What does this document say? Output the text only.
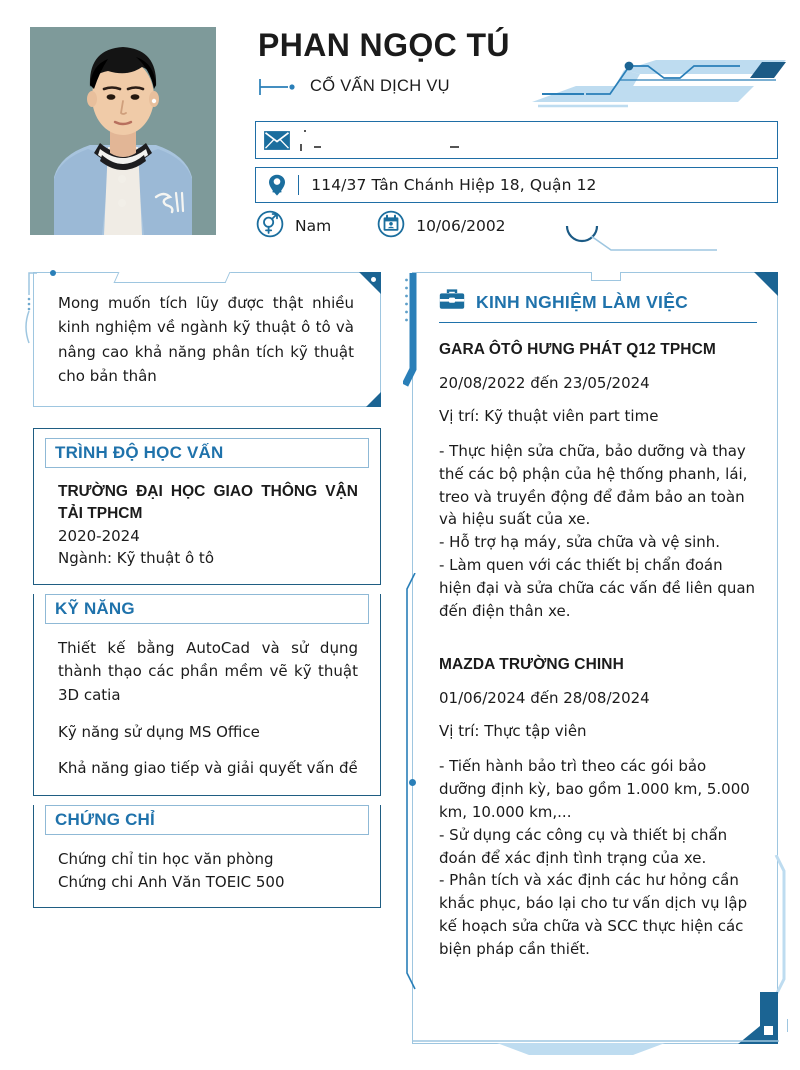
PHAN NGỌC TÚ
CỐ VẤN DỊCH VỤ
114/37 Tân Chánh Hiệp 18, Quận 12
Nam	10/06/2002
Mong muốn tích lũy được thật nhiều kinh nghiệm về ngành kỹ thuật ô tô và nâng cao khả năng phân tích kỹ thuật cho bản thân
TRÌNH ĐỘ HỌC VẤN
TRƯỜNG ĐẠI HỌC GIAO THÔNG VẬN TẢI TPHCM
2020-2024
Ngành: Kỹ thuật ô tô
KỸ NĂNG
Thiết kế bằng AutoCad và sử dụng thành thạo các phần mềm vẽ kỹ thuật 3D catia
Kỹ năng sử dụng MS Office
Khả năng giao tiếp và giải quyết vấn đề
CHỨNG CHỈ
Chứng chỉ tin học văn phòng
Chứng chi Anh Văn TOEIC 500
KINH NGHIỆM LÀM VIỆC
GARA ÔTÔ HƯNG PHÁT Q12 TPHCM
20/08/2022 đến 23/05/2024
Vị trí: Kỹ thuật viên part time
- Thực hiện sửa chữa, bảo dưỡng và thay thế các bộ phận của hệ thống phanh, lái, treo và truyền động để đảm bảo an toàn và hiệu suất của xe.
- Hỗ trợ hạ máy, sửa chữa và vệ sinh.
- Làm quen với các thiết bị chẩn đoán hiện đại và sửa chữa các vấn đề liên quan đến điện thân xe.
MAZDA TRƯỜNG CHINH
01/06/2024 đến 28/08/2024
Vị trí: Thực tập viên
- Tiến hành bảo trì theo các gói bảo dưỡng định kỳ, bao gồm 1.000 km, 5.000 km, 10.000 km,...
- Sử dụng các công cụ và thiết bị chẩn đoán để xác định tình trạng của xe.
- Phân tích và xác định các hư hỏng cần khắc phục, báo lại cho tư vấn dịch vụ lập kế hoạch sửa chữa và SCC thực hiện các biện pháp cần thiết.
